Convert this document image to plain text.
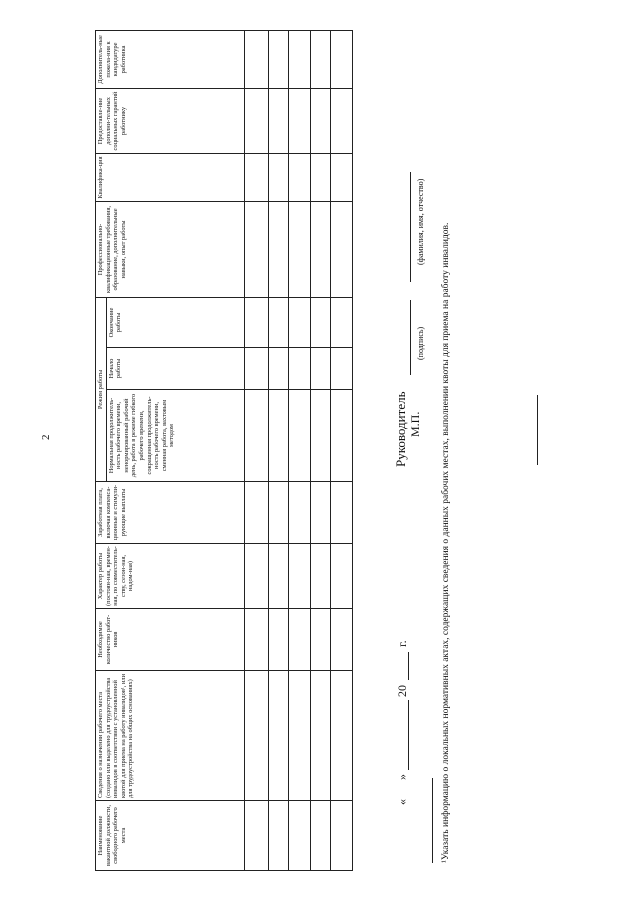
2
Наименование вакантной должности, свободного рабочего места	Сведения о назначении рабочего места (создано или выделено для трудоустройства инвалидов в соответствии с установленной квотой для приема на работу инвалидов¹, или для трудоустройства на общих основаниях)	Необходимое количество работ-ников	Характер работы (постоян-ная, времен-ная, по совместитель-ству, сезон-ная, надом-ная)	Заработная плата, включая компенса-ционные и стимули-рующие выплаты	Режим работы			Профессионально-квалификационные требования, образование, дополнительные навыки, опыт работы	Квалифика-ция	Предоставле-ние дополни-тельных социальных гарантий работнику	Дополнитель-ные пожела-ния к кандидатуре работника
					Нормальная продолжитель-ность рабочего времени, ненормированный рабочий день, работа в режиме гибкого рабочего времени, сокращенная продолжитель-ность рабочего времени, сменная работа, вахтовым методом	Начало работы	Окончание работы				

«
»
20
г.
Руководитель М.П.
(подпись)
(фамилия, имя, отчество)
¹Указать информацию о локальных нормативных актах, содержащих сведения о данных рабочих местах, выполнении квоты для приема на работу инвалидов.
